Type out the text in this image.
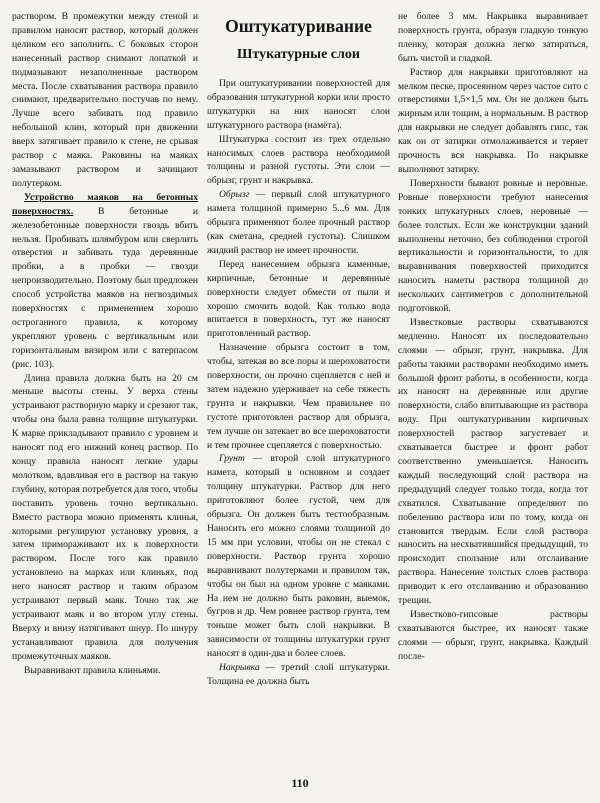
раствором. В промежутки между стеной и правилом наносят раствор, который должен целиком его заполнить. С боковых сторон нанесенный раствор снимают лопаткой и подмазывают незаполненные раствором места. После схватывания раствора правило снимают, предварительно постучав по нему. Лучше всего забивать под правило небольшой клин, который при движении вверх затягивает правило к стене, не срывая раствор с маяка. Раковины на маяках замазывают раствором и зачищают полутерком.

Устройство маяков на бетонных поверхностях. В бетонные и железобетонные поверхности гвоздь вбить нельзя. Пробивать шлямбуром или сверлить отверстия и забивать туда деревянные пробки, а в пробки — гвозди непроизводительно. Поэтому был предложен способ устройства маяков на негвоздимых поверхностях с применением хорошо остроганного правила, к которому укрепляют уровень с вертикальным или горизонтальным визиром или с ватерпасом (рис. 103).

Длина правила должна быть на 20 см меньше высоты стены. У верха стены устраивают растворную марку и срезают так, чтобы она была равна толщине штукатурки. К марке прикладывают правило с уровнем и наносят под его нижний конец раствор. По концу правила наносят легкие удары молотком, вдавливая его в раствор на такую глубину, которая потребуется для того, чтобы поставить уровень точно вертикально. Вместо раствора можно применять клинья, которыми регулируют установку уровня, а затем примораживают их к поверхности раствором. После того как правило установлено на марках или клиньях, под него наносят раствор и таким образом устраивают первый маяк. Точно так же устраивают маяк и во втором углу стены. Вверху и внизу натягивают шнур. По шнуру устанавливают правила для получения промежуточных маяков.

Выравнивают правила клиньями.

Оштукатуривание
Штукатурные слои

При оштукатуривании поверхностей для образования штукатурной корки или просто штукатурки на них наносят слои штукатурного раствора (намёта).

Штукатурка состоит из трех отдельно наносимых слоев раствора необходимой толщины и разной густоты. Эти слои — обрызг, грунт и накрывка.

Обрызг — первый слой штукатурного намета толщиной примерно 5...6 мм. Для обрызга применяют более прочный раствор (как сметана, средней густоты). Слишком жидкий раствор не имеет прочности.

Перед нанесением обрызга каменные, кирпичные, бетонные и деревянные поверхности следует обмести от пыли и хорошо смочить водой. Как только вода впитается в поверхность, тут же наносят приготовленный раствор.

Назначение обрызга состоит в том, чтобы, затекая во все поры и шероховатости поверхности, он прочно сцепляется с ней и затем надежно удерживает на себе тяжесть грунта и накрывки. Чем правильнее по густоте приготовлен раствор для обрызга, тем лучше он затекает во все шероховатости и тем прочнее сцепляется с поверхностью.

Грунт — второй слой штукатурного намета, который в основном и создает толщину штукатурки. Раствор для него приготовляют более густой, чем для обрызга. Он должен быть тестообразным. Наносить его можно слоями толщиной до 15 мм при условии, чтобы он не стекал с поверхности. Раствор грунта хорошо выравнивают полутерками и правилом так, чтобы он был на одном уровне с маяками. На нем не должно быть раковин, выемок, бугров и др. Чем ровнее раствор грунта, тем тоньше может быть слой накрывки. В зависимости от толщины штукатурки грунт наносят в один-два и более слоев.

Накрывка — третий слой штукатурки. Толщина ее должна быть

не более 3 мм. Накрывка выравнивает поверхность грунта, образуя гладкую тонкую пленку, которая должна легко затираться, быть чистой и гладкой.

Раствор для накрывки приготовляют на мелком песке, просеянном через частое сито с отверстиями 1,5×1,5 мм. Он не должен быть жирным или тощим, а нормальным. В раствор для накрывки не следует добавлять гипс, так как он от затирки отмолаживается и теряет прочность вся накрывка. По накрывке выполняют затирку.

Поверхности бывают ровные и неровные. Ровные поверхности требуют нанесения тонких штукатурных слоев, неровные — более толстых. Если же конструкции зданий выполнены неточно, без соблюдения строгой вертикальности и горизонтальности, то для выравнивания поверхностей приходится наносить наметы раствора толщиной до нескольких сантиметров с дополнительной подготовкой.

Известковые растворы схватываются медленно. Наносят их последовательно слоями — обрызг, грунт, накрывка. Для работы такими растворами необходимо иметь большой фронт работы, в особенности, когда их наносят на деревянные или другие поверхности, слабо впитывающие из раствора воду. При оштукатуривании кирпичных поверхностей раствор загустевает и схватывается быстрее и фронт работ соответственно уменьшается. Наносить каждый последующий слой раствора на предыдущий следует только тогда, когда тот схватился. Схватывание определяют по побелению раствора или по тому, когда он становится твердым. Если слой раствора наносить на несхватившийся предыдущий, то происходит сползание или отслаивание раствора. Нанесение толстых слоев раствора приводит к его отслаиванию и образованию трещин.

Известково-гипсовые растворы схватываются быстрее, их наносят также слоями — обрызг, грунт, накрывка. Каждый после-

110
